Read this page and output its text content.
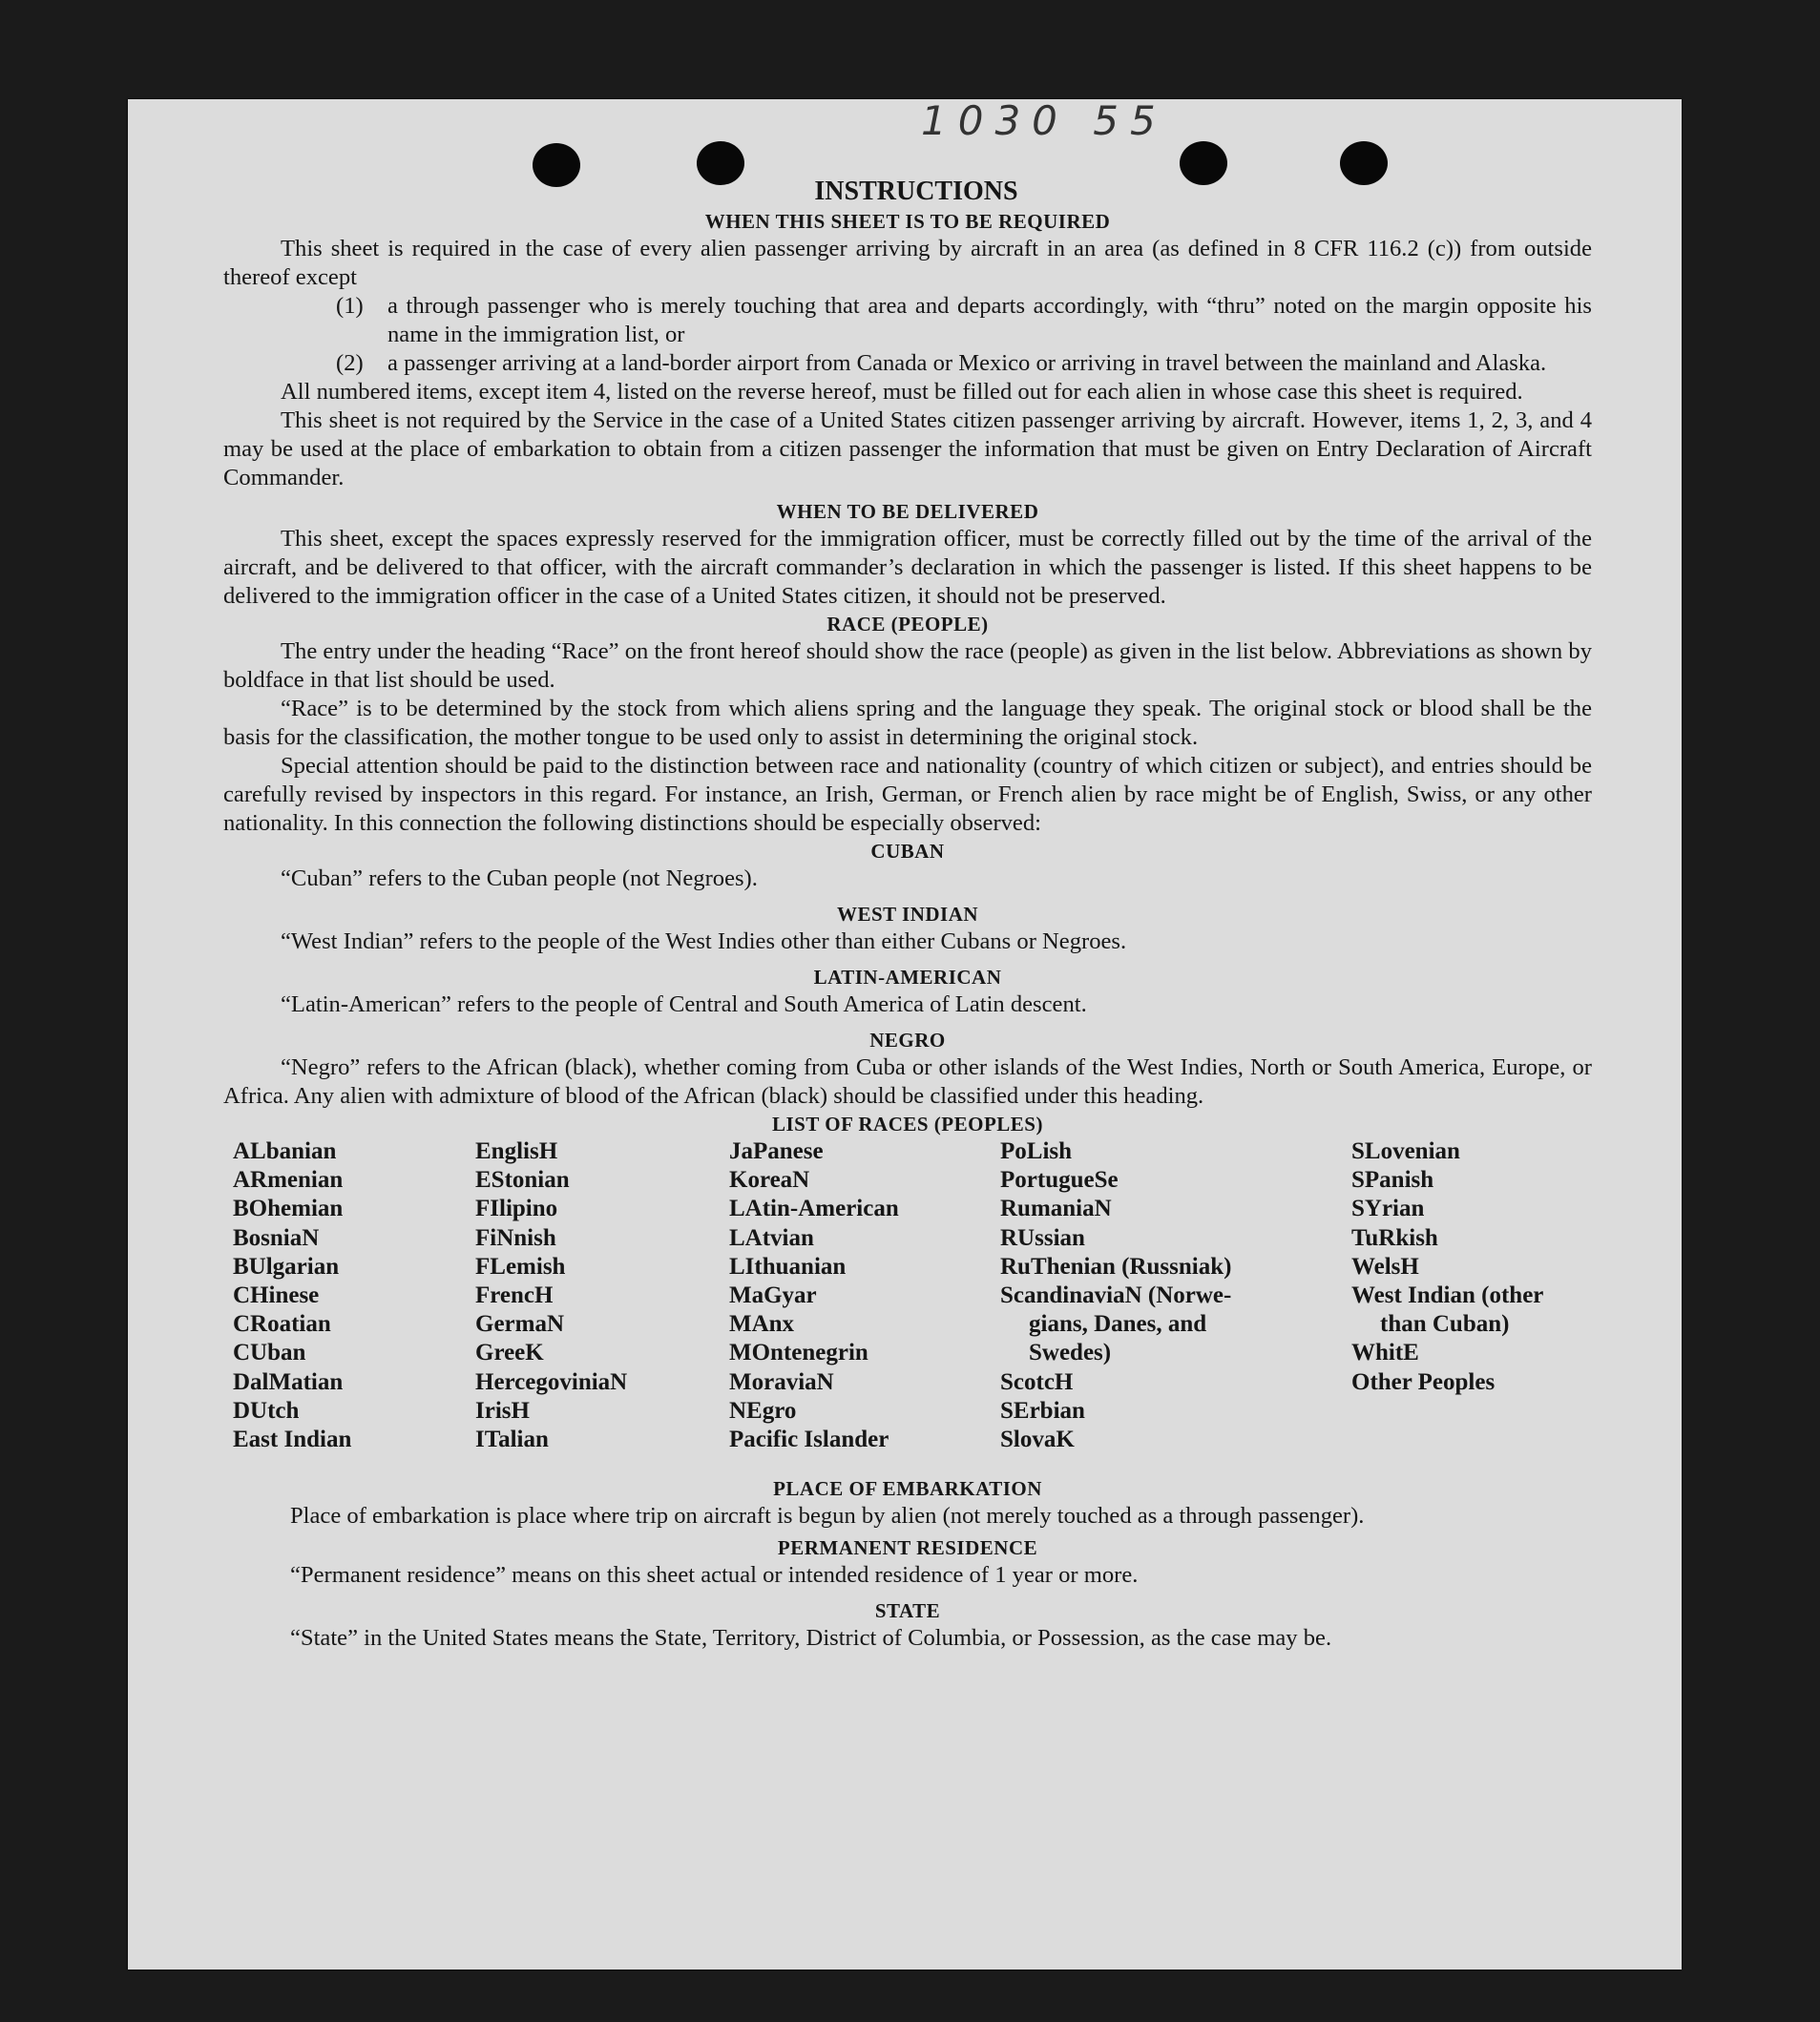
1030 55
INSTRUCTIONS
WHEN THIS SHEET IS TO BE REQUIRED

This sheet is required in the case of every alien passenger arriving by aircraft in an area (as defined in 8 CFR 116.2 (c)) from outside thereof except

(1) a through passenger who is merely touching that area and departs accordingly, with “thru” noted on the margin opposite his name in the immigration list, or
(2) a passenger arriving at a land-border airport from Canada or Mexico or arriving in travel between the mainland and Alaska.

All numbered items, except item 4, listed on the reverse hereof, must be filled out for each alien in whose case this sheet is required.

This sheet is not required by the Service in the case of a United States citizen passenger arriving by aircraft. However, items 1, 2, 3, and 4 may be used at the place of embarkation to obtain from a citizen passenger the information that must be given on Entry Declaration of Aircraft Commander.

WHEN TO BE DELIVERED

This sheet, except the spaces expressly reserved for the immigration officer, must be correctly filled out by the time of the arrival of the aircraft, and be delivered to that officer, with the aircraft commander’s declaration in which the passenger is listed. If this sheet happens to be delivered to the immigration officer in the case of a United States citizen, it should not be preserved.

RACE (PEOPLE)

The entry under the heading “Race” on the front hereof should show the race (people) as given in the list below. Abbreviations as shown by boldface in that list should be used.

“Race” is to be determined by the stock from which aliens spring and the language they speak. The original stock or blood shall be the basis for the classification, the mother tongue to be used only to assist in determining the original stock.

Special attention should be paid to the distinction between race and nationality (country of which citizen or subject), and entries should be carefully revised by inspectors in this regard. For instance, an Irish, German, or French alien by race might be of English, Swiss, or any other nationality. In this connection the following distinctions should be especially observed:

CUBAN

“Cuban” refers to the Cuban people (not Negroes).

WEST INDIAN

“West Indian” refers to the people of the West Indies other than either Cubans or Negroes.

LATIN-AMERICAN

“Latin-American” refers to the people of Central and South America of Latin descent.

NEGRO

“Negro” refers to the African (black), whether coming from Cuba or other islands of the West Indies, North or South America, Europe, or Africa. Any alien with admixture of blood of the African (black) should be classified under this heading.

LIST OF RACES (PEOPLES)
ALbanian
ARmenian
BOhemian
BosniaN
BUlgarian
CHinese
CRoatian
CUban
DalMatian
DUtch
East Indian
EnglisH
EStonian
FIlipino
FiNnish
FLemish
FrencH
GermaN
GreeK
HercegoviniaN
IrisH
ITalian
JaPanese
KoreaN
LAtin-American
LAtvian
LIthuanian
MaGyar
MAnx
MOntenegrin
MoraviaN
NEgro
Pacific Islander
PoLish
PortugueSe
RumaniaN
RUssian
RuThenian (Russniak)
ScandinaviaN (Norwe-
gians, Danes, and
Swedes)
ScotcH
SErbian
SlovaK
SLovenian
SPanish
SYrian
TuRkish
WelsH
West Indian (other
than Cuban)
WhitE
Other Peoples
PLACE OF EMBARKATION

Place of embarkation is place where trip on aircraft is begun by alien (not merely touched as a through passenger).

PERMANENT RESIDENCE

“Permanent residence” means on this sheet actual or intended residence of 1 year or more.

STATE

“State” in the United States means the State, Territory, District of Columbia, or Possession, as the case may be.
